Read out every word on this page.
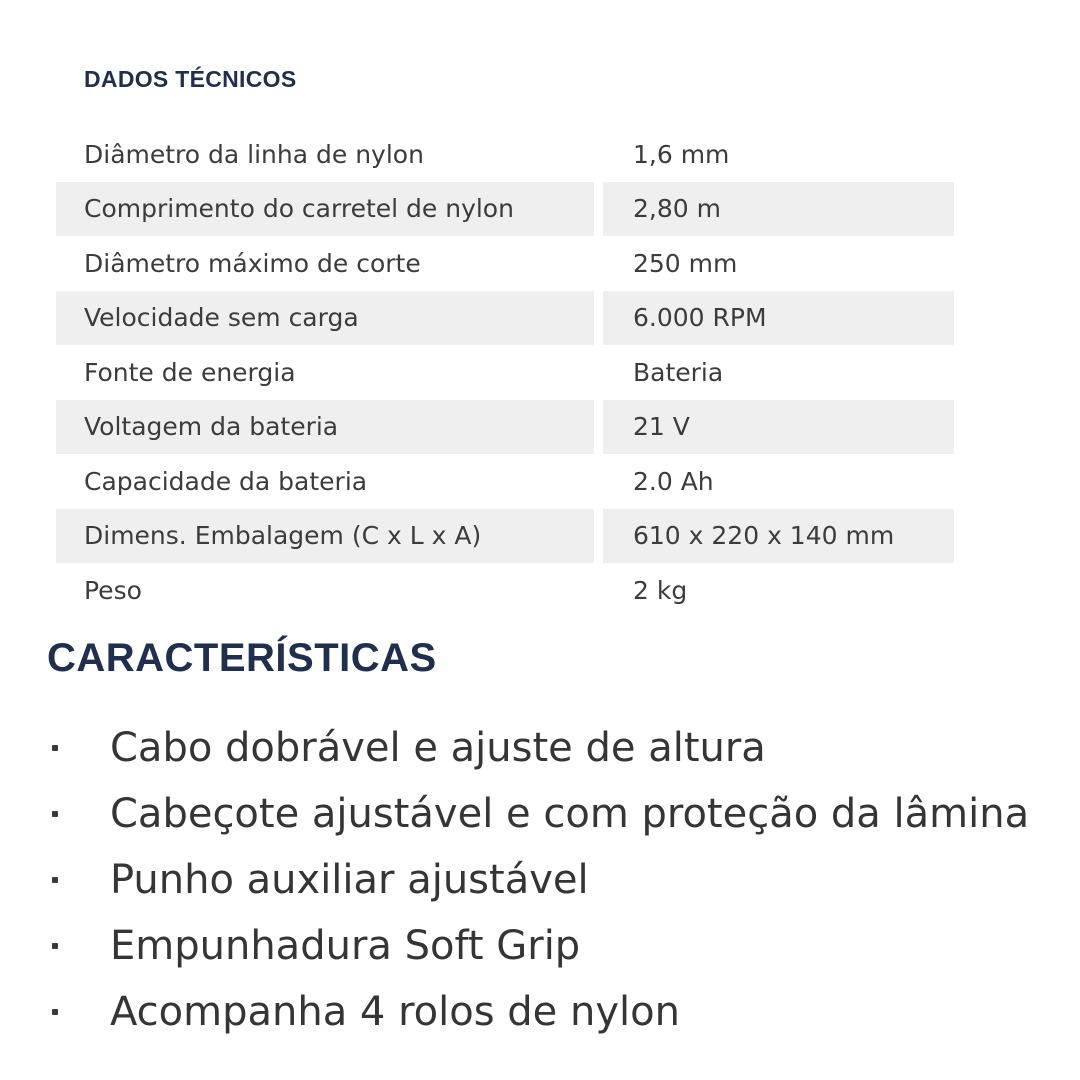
DADOS TÉCNICOS
Diâmetro da linha de nylon	1,6 mm
Comprimento do carretel de nylon	2,80 m
Diâmetro máximo de corte	250 mm
Velocidade sem carga	6.000 RPM
Fonte de energia	Bateria
Voltagem da bateria	21 V
Capacidade da bateria	2.0 Ah
Dimens. Embalagem (C x L x A)	610 x 220 x 140 mm
Peso	2 kg
CARACTERÍSTICAS
Cabo dobrável e ajuste de altura
Cabeçote ajustável e com proteção da lâmina
Punho auxiliar ajustável
Empunhadura Soft Grip
Acompanha 4 rolos de nylon
